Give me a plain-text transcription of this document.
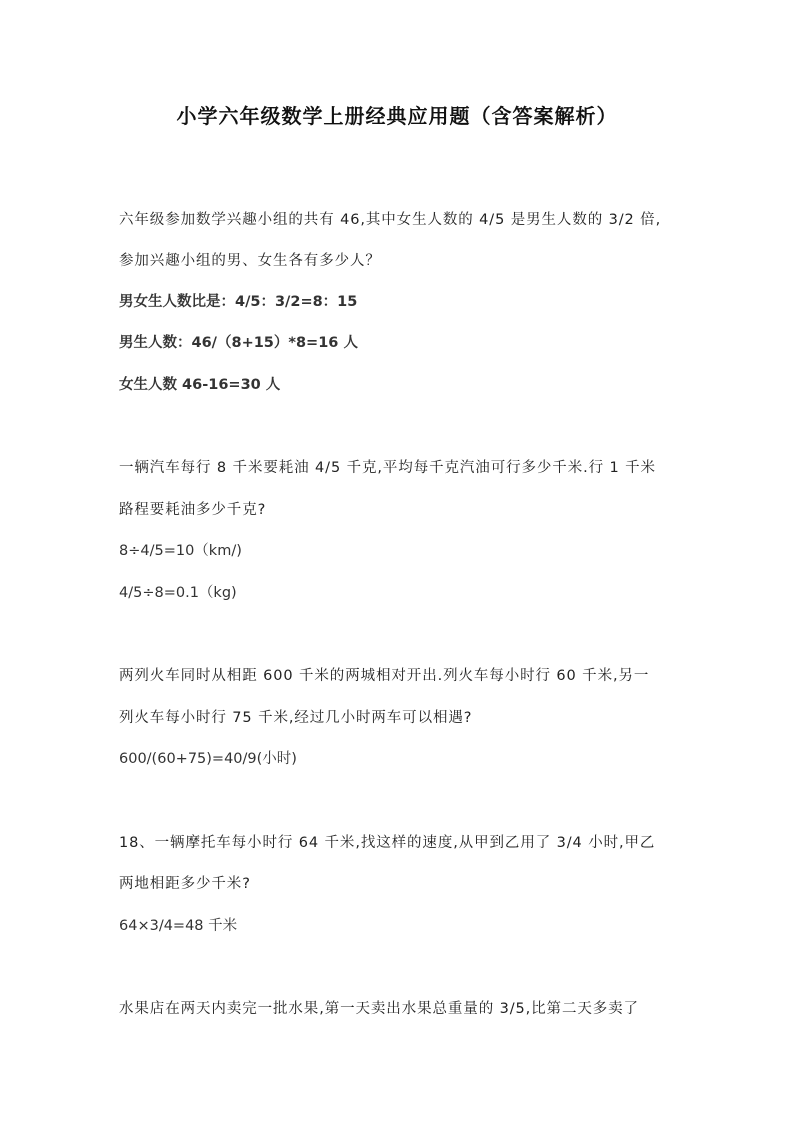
小学六年级数学上册经典应用题（含答案解析）
六年级参加数学兴趣小组的共有 46,其中女生人数的 4/5 是男生人数的 3/2 倍,
参加兴趣小组的男、女生各有多少人？
男女生人数比是：4/5：3/2=8：15
男生人数：46/（8+15）*8=16 人
女生人数 46-16=30 人
一辆汽车每行 8 千米要耗油 4/5 千克,平均每千克汽油可行多少千米.行 1 千米
路程要耗油多少千克?
8÷4/5=10（km/)
4/5÷8=0.1（kg)
两列火车同时从相距 600 千米的两城相对开出.列火车每小时行 60 千米,另一
列火车每小时行 75 千米,经过几小时两车可以相遇?
600/(60+75)=40/9(小时)
18、一辆摩托车每小时行 64 千米,找这样的速度,从甲到乙用了 3/4 小时,甲乙
两地相距多少千米?
64×3/4=48 千米
水果店在两天内卖完一批水果,第一天卖出水果总重量的 3/5,比第二天多卖了
